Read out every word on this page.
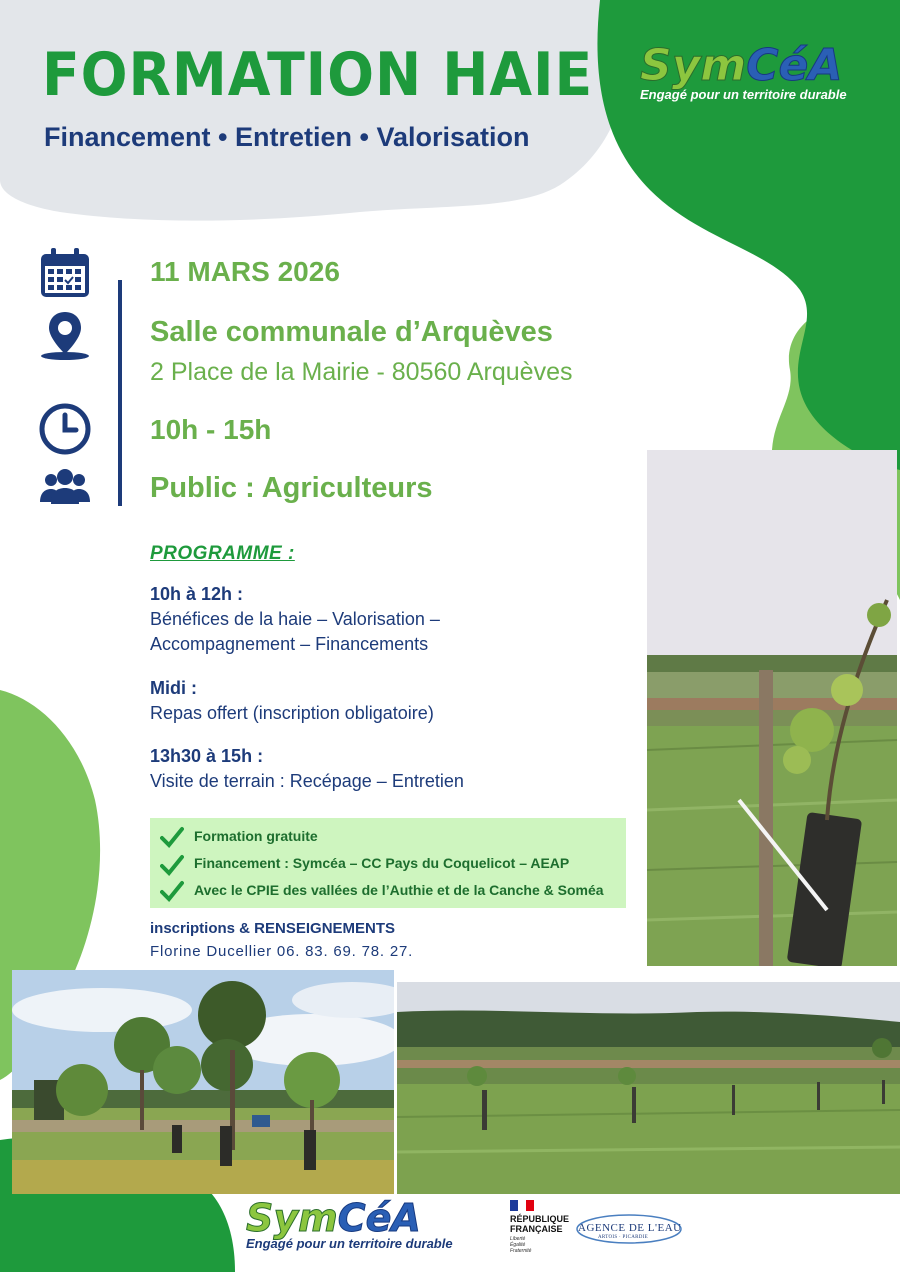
FORMATION HAIE
Financement • Entretien • Valorisation
SymCéA
Engagé pour un territoire durable
11 MARS 2026
Salle communale d’Arquèves
2 Place de la Mairie - 80560 Arquèves
10h - 15h
Public : Agriculteurs
PROGRAMME :
10h à 12h :
Bénéfices de la haie – Valorisation –
Accompagnement – Financements
Midi :
Repas offert (inscription obligatoire)
13h30 à 15h :
Visite de terrain : Recépage – Entretien
Formation gratuite
Financement : Symcéa – CC Pays du Coquelicot – AEAP
Avec le CPIE des vallées de l’Authie et de la Canche & Soméa
inscriptions & RENSEIGNEMENTS
Florine Ducellier 06. 83. 69. 78. 27.
SymCéA
Engagé pour un territoire durable
RÉPUBLIQUE
FRANÇAISE
Liberté
Égalité
Fraternité
AGENCE DE L'EAU
ARTOIS · PICARDIE
